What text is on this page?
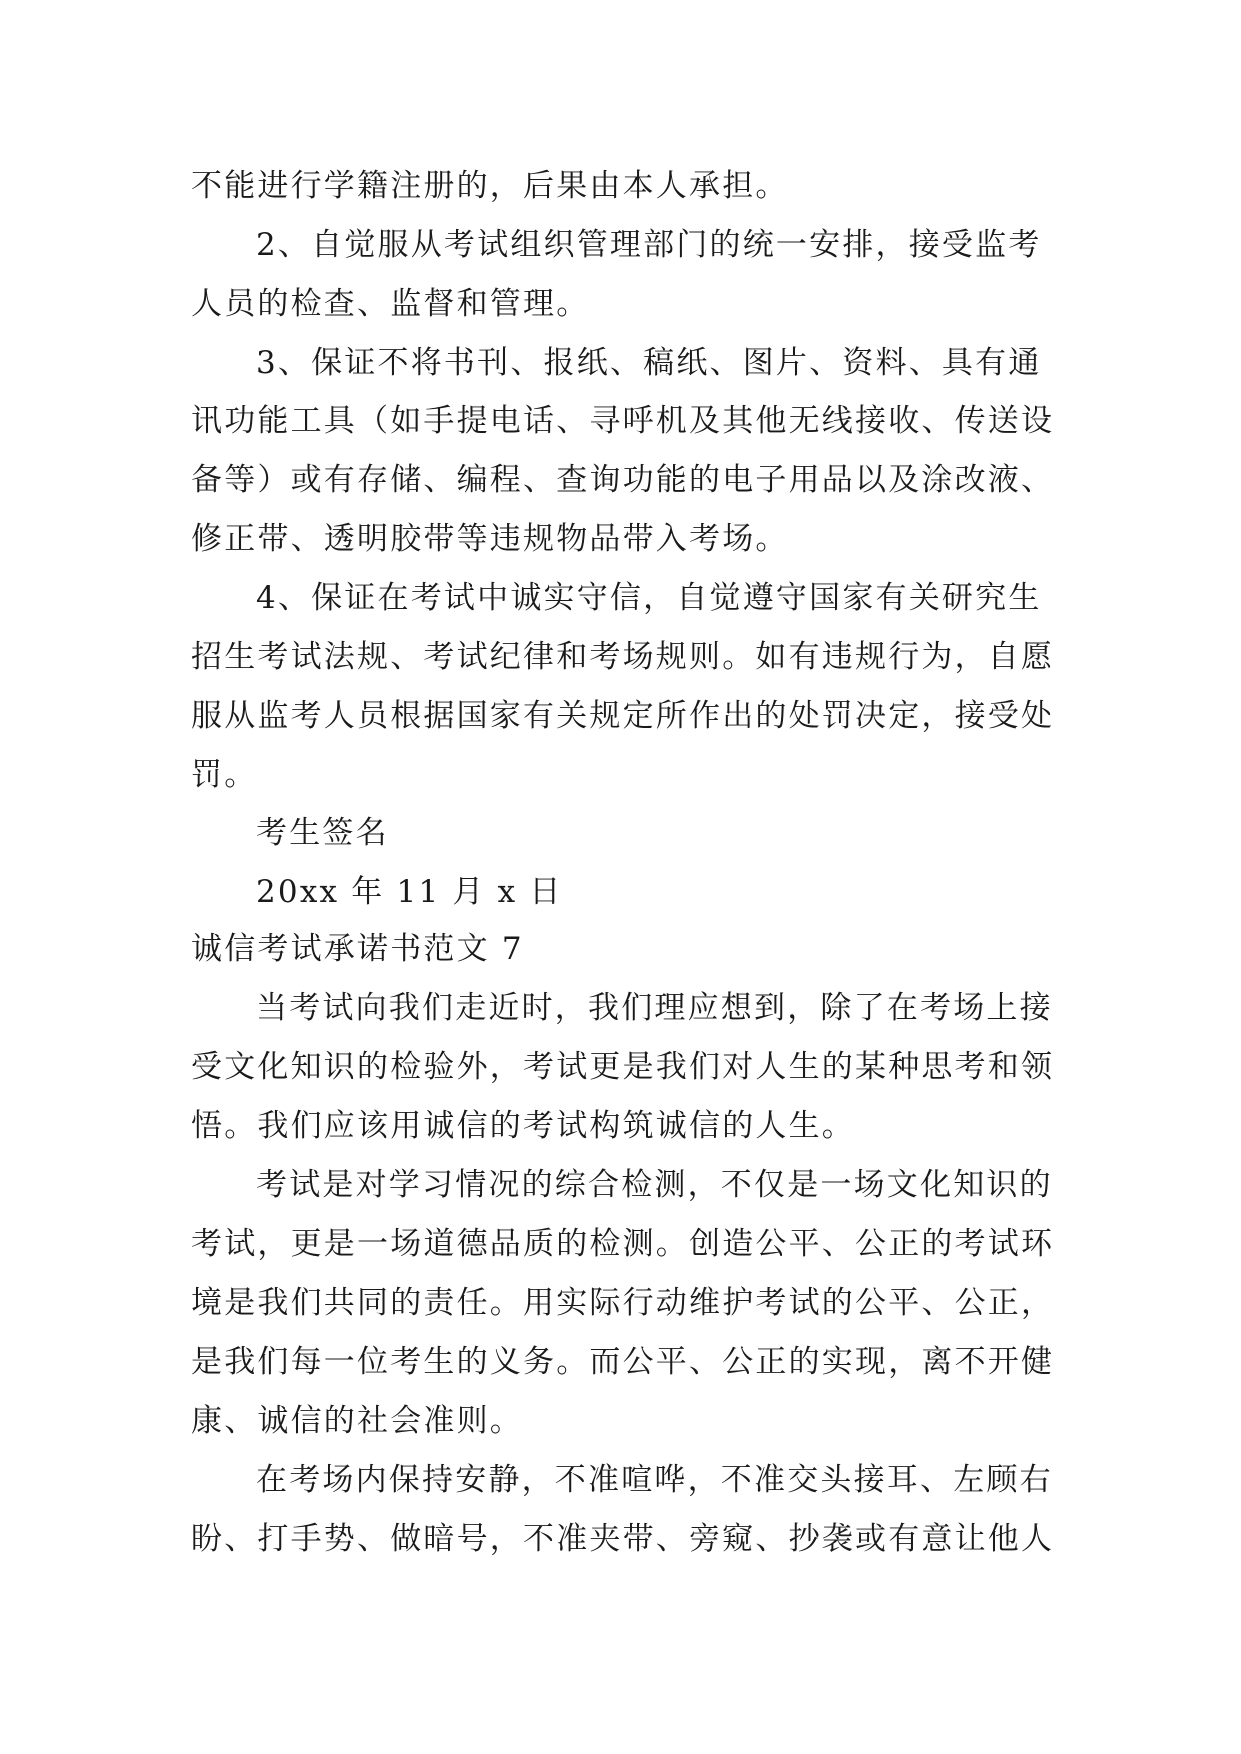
不能进行学籍注册的，后果由本人承担。
2、自觉服从考试组织管理部门的统一安排，接受监考
人员的检查、监督和管理。
3、保证不将书刊、报纸、稿纸、图片、资料、具有通
讯功能工具（如手提电话、寻呼机及其他无线接收、传送设
备等）或有存储、编程、查询功能的电子用品以及涂改液、
修正带、透明胶带等违规物品带入考场。
4、保证在考试中诚实守信，自觉遵守国家有关研究生
招生考试法规、考试纪律和考场规则。如有违规行为，自愿
服从监考人员根据国家有关规定所作出的处罚决定，接受处
罚。
考生签名
20xx 年 11 月 x 日
诚信考试承诺书范文 7
当考试向我们走近时，我们理应想到，除了在考场上接
受文化知识的检验外，考试更是我们对人生的某种思考和领
悟。我们应该用诚信的考试构筑诚信的人生。
考试是对学习情况的综合检测，不仅是一场文化知识的
考试，更是一场道德品质的检测。创造公平、公正的考试环
境是我们共同的责任。用实际行动维护考试的公平、公正，
是我们每一位考生的义务。而公平、公正的实现，离不开健
康、诚信的社会准则。
在考场内保持安静，不准喧哗，不准交头接耳、左顾右
盼、打手势、做暗号，不准夹带、旁窥、抄袭或有意让他人
